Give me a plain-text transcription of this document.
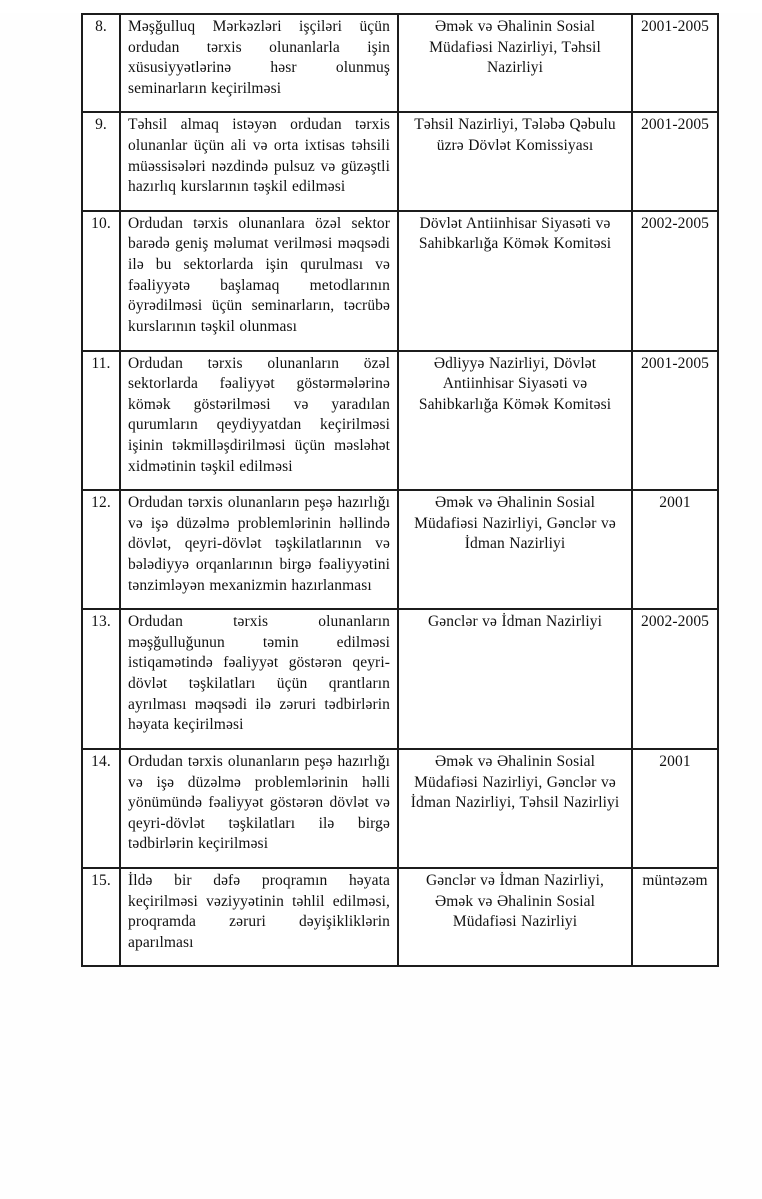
8.	Məşğulluq Mərkəzləri işçiləri üçün ordudan tərxis olunanlarla işin xüsusiyyətlərinə həsr olunmuş seminarların keçirilməsi	Əmək və Əhalinin Sosial Müdafiəsi Nazirliyi, Təhsil Nazirliyi	2001-2005
9.	Təhsil almaq istəyən ordudan tərxis olunanlar üçün ali və orta ixtisas təhsili müəssisələri nəzdində pulsuz və güzəştli hazırlıq kurslarının təşkil edilməsi	Təhsil Nazirliyi, Tələbə Qəbulu üzrə Dövlət Komissiyası	2001-2005
10.	Ordudan tərxis olunanlara özəl sektor barədə geniş məlumat verilməsi məqsədi ilə bu sektorlarda işin qurulması və fəaliyyətə başlamaq metodlarının öyrədilməsi üçün seminarların, təcrübə kurslarının təşkil olunması	Dövlət Antiinhisar Siyasəti və Sahibkarlığa Kömək Komitəsi	2002-2005
11.	Ordudan tərxis olunanların özəl sektorlarda fəaliyyət göstərmələrinə kömək göstərilməsi və yaradılan qurumların qeydiyyatdan keçirilməsi işinin təkmilləşdirilməsi üçün məsləhət xidmətinin təşkil edilməsi	Ədliyyə Nazirliyi, Dövlət Antiinhisar Siyasəti və Sahibkarlığa Kömək Komitəsi	2001-2005
12.	Ordudan tərxis olunanların peşə hazırlığı və işə düzəlmə problemlərinin həllində dövlət, qeyri-dövlət təşkilatlarının və bələdiyyə orqanlarının birgə fəaliyyətini tənzimləyən mexanizmin hazırlanması	Əmək və Əhalinin Sosial Müdafiəsi Nazirliyi, Gənclər və İdman Nazirliyi	2001
13.	Ordudan tərxis olunanların məşğulluğunun təmin edilməsi istiqamətində fəaliyyət göstərən qeyri-dövlət təşkilatları üçün qrantların ayrılması məqsədi ilə zəruri tədbirlərin həyata keçirilməsi	Gənclər və İdman Nazirliyi	2002-2005
14.	Ordudan tərxis olunanların peşə hazırlığı və işə düzəlmə problemlərinin həlli yönümündə fəaliyyət göstərən dövlət və qeyri-dövlət təşkilatları ilə birgə tədbirlərin keçirilməsi	Əmək və Əhalinin Sosial Müdafiəsi Nazirliyi, Gənclər və İdman Nazirliyi, Təhsil Nazirliyi	2001
15.	İldə bir dəfə proqramın həyata keçirilməsi vəziyyətinin təhlil edilməsi, proqramda zəruri dəyişikliklərin aparılması	Gənclər və İdman Nazirliyi, Əmək və Əhalinin Sosial Müdafiəsi Nazirliyi	müntəzəm
